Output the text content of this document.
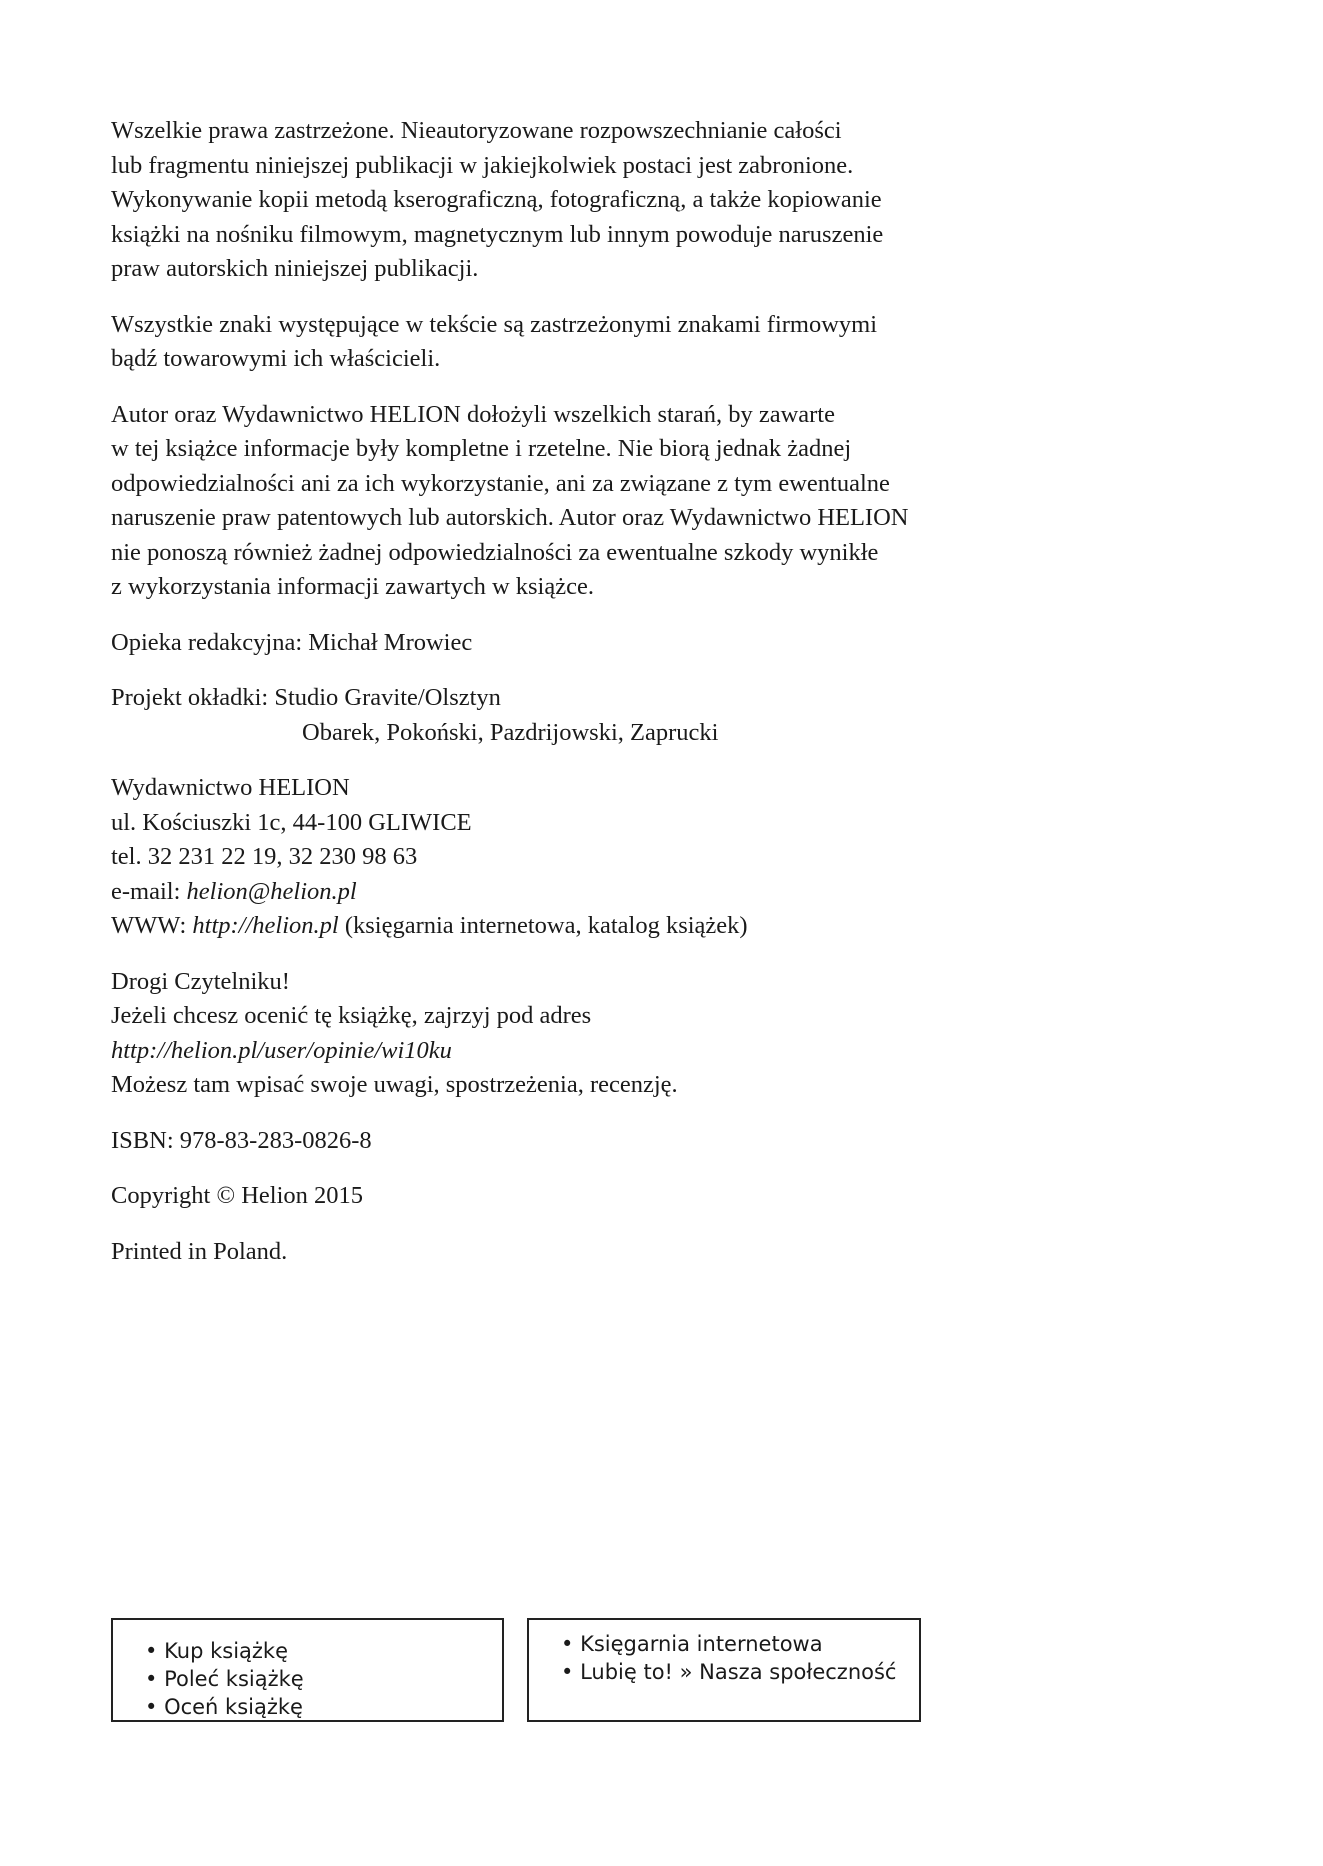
Wszelkie prawa zastrzeżone. Nieautoryzowane rozpowszechnianie całości
lub fragmentu niniejszej publikacji w jakiejkolwiek postaci jest zabronione.
Wykonywanie kopii metodą kserograficzną, fotograficzną, a także kopiowanie
książki na nośniku filmowym, magnetycznym lub innym powoduje naruszenie
praw autorskich niniejszej publikacji.

Wszystkie znaki występujące w tekście są zastrzeżonymi znakami firmowymi
bądź towarowymi ich właścicieli.

Autor oraz Wydawnictwo HELION dołożyli wszelkich starań, by zawarte
w tej książce informacje były kompletne i rzetelne. Nie biorą jednak żadnej
odpowiedzialności ani za ich wykorzystanie, ani za związane z tym ewentualne
naruszenie praw patentowych lub autorskich. Autor oraz Wydawnictwo HELION
nie ponoszą również żadnej odpowiedzialności za ewentualne szkody wynikłe
z wykorzystania informacji zawartych w książce.

Opieka redakcyjna: Michał Mrowiec

Projekt okładki: Studio Gravite/Olsztyn
Obarek, Pokoński, Pazdrijowski, Zaprucki

Wydawnictwo HELION
ul. Kościuszki 1c, 44-100 GLIWICE
tel. 32 231 22 19, 32 230 98 63
e-mail: helion@helion.pl
WWW: http://helion.pl (księgarnia internetowa, katalog książek)

Drogi Czytelniku!
Jeżeli chcesz ocenić tę książkę, zajrzyj pod adres
http://helion.pl/user/opinie/wi10ku
Możesz tam wpisać swoje uwagi, spostrzeżenia, recenzję.

ISBN: 978-83-283-0826-8

Copyright © Helion 2015

Printed in Poland.

• Kup książkę
• Poleć książkę
• Oceń książkę
• Księgarnia internetowa
• Lubię to! » Nasza społeczność
